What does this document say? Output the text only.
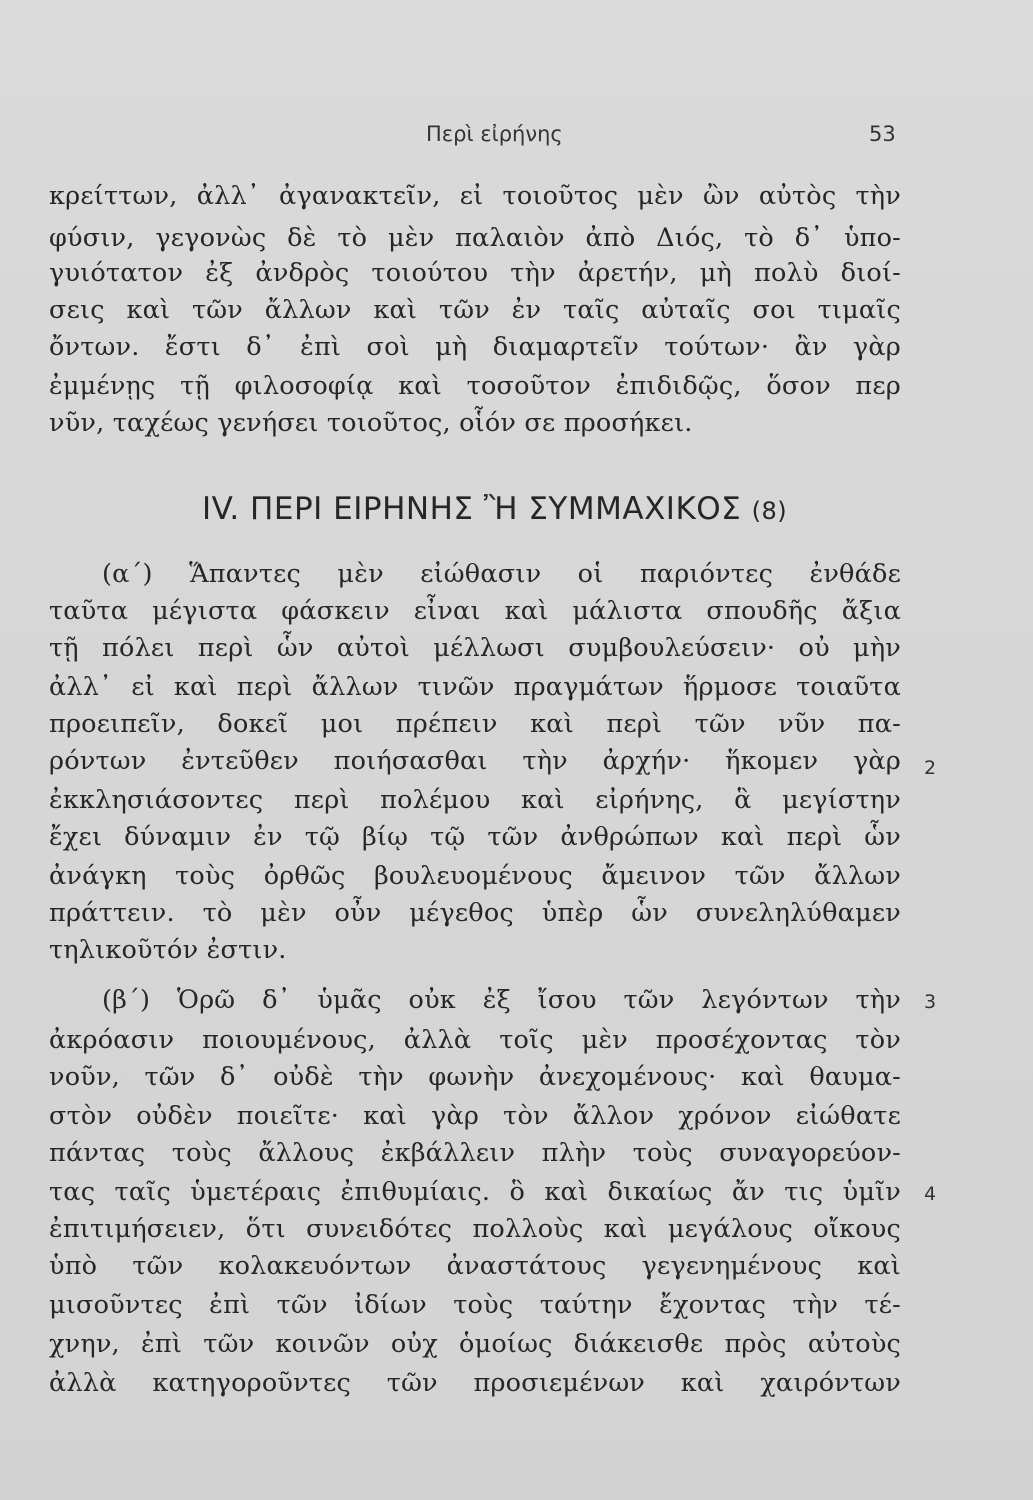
Περὶ εἰρήνης	53
κρείττων, ἀλλ᾽ ἀγανακτεῖν, εἰ τοιοῦτος μὲν ὢν αὐτὸς τὴν
φύσιν, γεγονὼς δὲ τὸ μὲν παλαιὸν ἀπὸ Διός, τὸ δ᾽ ὑπο-
γυιότατον ἐξ ἀνδρὸς τοιούτου τὴν ἀρετήν, μὴ πολὺ διοί-
σεις καὶ τῶν ἄλλων καὶ τῶν ἐν ταῖς αὐταῖς σοι τιμαῖς
ὄντων. ἔστι δ᾽ ἐπὶ σοὶ μὴ διαμαρτεῖν τούτων· ἂν γὰρ
ἐμμένῃς τῇ φιλοσοφίᾳ καὶ τοσοῦτον ἐπιδιδῷς, ὅσον περ
νῦν, ταχέως γενήσει τοιοῦτος, οἷόν σε προσήκει.
IV. ΠΕΡΙ ΕΙΡΗΝΗΣ Ἢ ΣΥΜΜΑΧΙΚΟΣ (8)
(α΄) Ἅπαντες μὲν εἰώθασιν οἱ παριόντες ἐνθάδε
ταῦτα μέγιστα φάσκειν εἶναι καὶ μάλιστα σπουδῆς ἄξια
τῇ πόλει περὶ ὧν αὐτοὶ μέλλωσι συμβουλεύσειν· οὐ μὴν
ἀλλ᾽ εἰ καὶ περὶ ἄλλων τινῶν πραγμάτων ἥρμοσε τοιαῦτα
προειπεῖν, δοκεῖ μοι πρέπειν καὶ περὶ τῶν νῦν πα-
ρόντων ἐντεῦθεν ποιήσασθαι τὴν ἀρχήν· ἥκομεν γὰρ
ἐκκλησιάσοντες περὶ πολέμου καὶ εἰρήνης, ἃ μεγίστην
ἔχει δύναμιν ἐν τῷ βίῳ τῷ τῶν ἀνθρώπων καὶ περὶ ὧν
ἀνάγκη τοὺς ὀρθῶς βουλευομένους ἄμεινον τῶν ἄλλων
πράττειν. τὸ μὲν οὖν μέγεθος ὑπὲρ ὧν συνεληλύθαμεν
τηλικοῦτόν ἐστιν.
(β΄) Ὁρῶ δ᾽ ὑμᾶς οὐκ ἐξ ἴσου τῶν λεγόντων τὴν
ἀκρόασιν ποιουμένους, ἀλλὰ τοῖς μὲν προσέχοντας τὸν
νοῦν, τῶν δ᾽ οὐδὲ τὴν φωνὴν ἀνεχομένους· καὶ θαυμα-
στὸν οὐδὲν ποιεῖτε· καὶ γὰρ τὸν ἄλλον χρόνον εἰώθατε
πάντας τοὺς ἄλλους ἐκβάλλειν πλὴν τοὺς συναγορεύον-
τας ταῖς ὑμετέραις ἐπιθυμίαις. ὃ καὶ δικαίως ἄν τις ὑμῖν
ἐπιτιμήσειεν, ὅτι συνειδότες πολλοὺς καὶ μεγάλους οἴκους
ὑπὸ τῶν κολακευόντων ἀναστάτους γεγενημένους καὶ
μισοῦντες ἐπὶ τῶν ἰδίων τοὺς ταύτην ἔχοντας τὴν τέ-
χνην, ἐπὶ τῶν κοινῶν οὐχ ὁμοίως διάκεισθε πρὸς αὐτοὺς
ἀλλὰ κατηγοροῦντες τῶν προσιεμένων καὶ χαιρόντων
2
3
4
